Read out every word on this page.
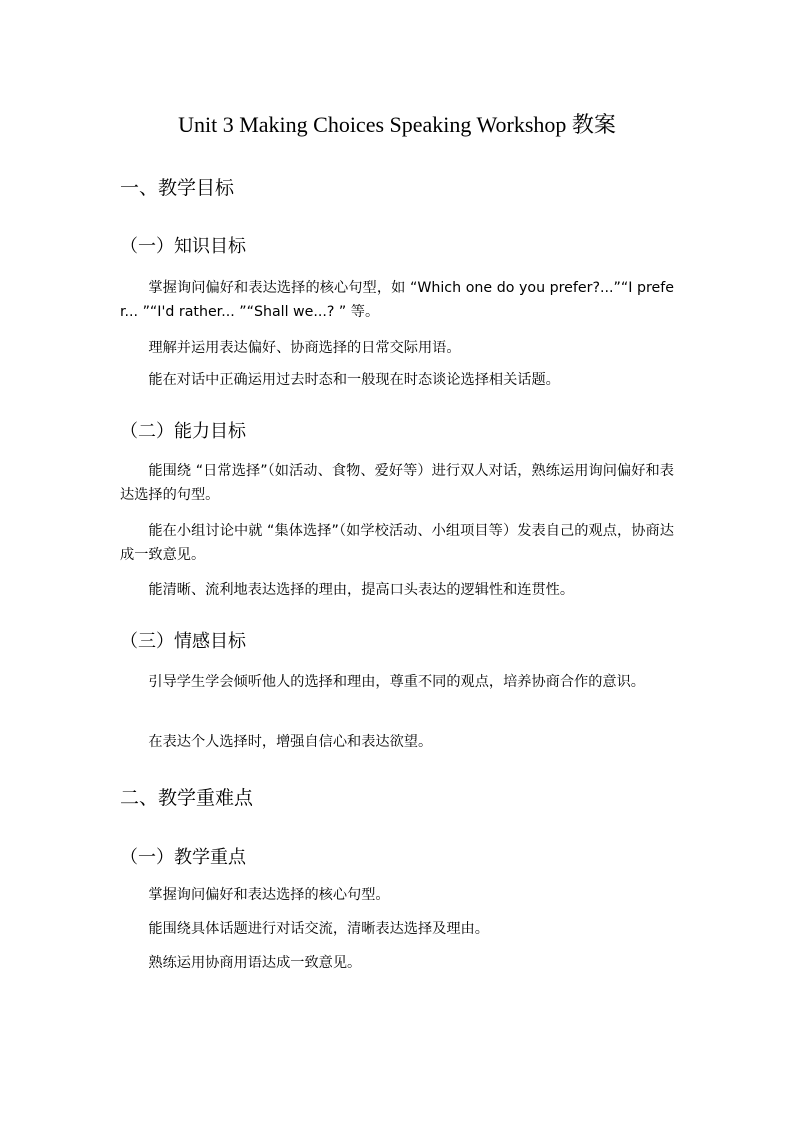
Unit 3 Making Choices Speaking Workshop 教案
一、教学目标
（一）知识目标
掌握询问偏好和表达选择的核心句型，如 “Which one do you prefer?...”“I prefer... ”“I'd rather... ”“Shall we...? ” 等。
理解并运用表达偏好、协商选择的日常交际用语。
能在对话中正确运用过去时态和一般现在时态谈论选择相关话题。
（二）能力目标
能围绕 “日常选择”（如活动、食物、爱好等）进行双人对话，熟练运用询问偏好和表达选择的句型。
能在小组讨论中就 “集体选择”（如学校活动、小组项目等）发表自己的观点，协商达成一致意见。
能清晰、流利地表达选择的理由，提高口头表达的逻辑性和连贯性。
（三）情感目标
引导学生学会倾听他人的选择和理由，尊重不同的观点，培养协商合作的意识。
在表达个人选择时，增强自信心和表达欲望。
二、教学重难点
（一）教学重点
掌握询问偏好和表达选择的核心句型。
能围绕具体话题进行对话交流，清晰表达选择及理由。
熟练运用协商用语达成一致意见。
